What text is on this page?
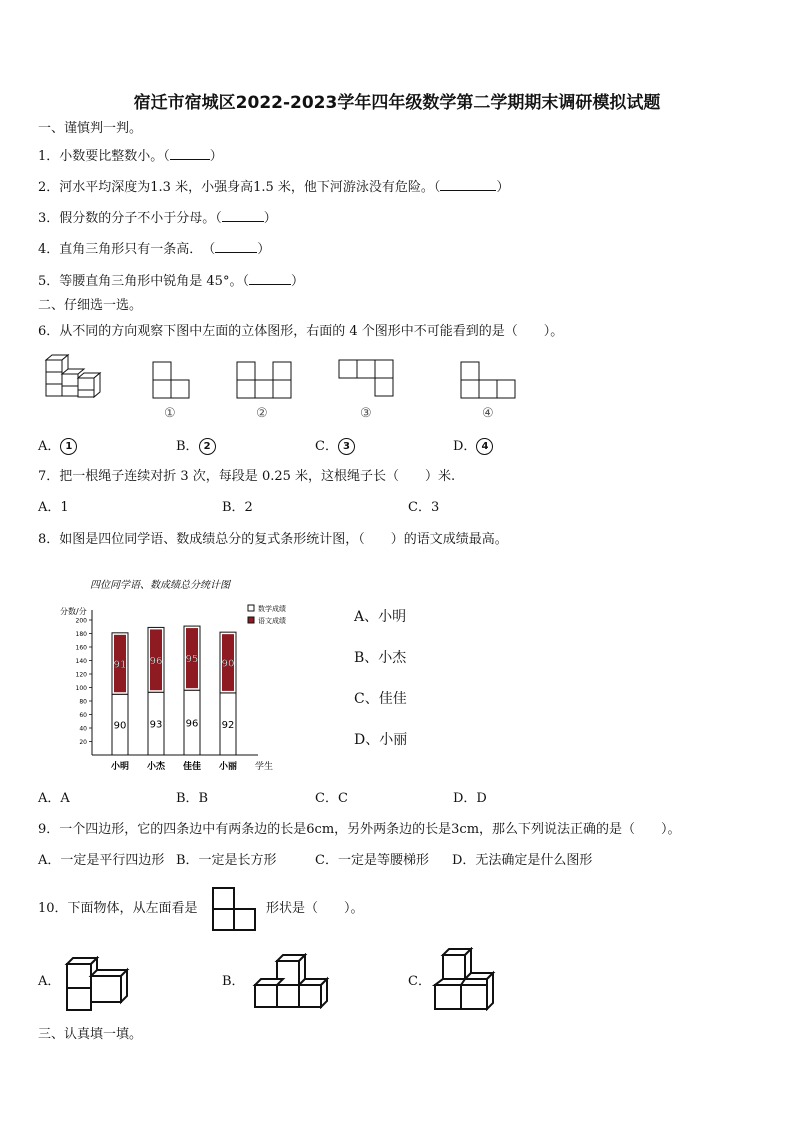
宿迁市宿城区2022-2023学年四年级数学第二学期期末调研模拟试题
一、谨慎判一判。
1．小数要比整数小。（	）
2．河水平均深度为1.3 米，小强身高1.5 米，他下河游泳没有危险。（	）
3．假分数的分子不小于分母。（	）
4．直角三角形只有一条高．　（	）
5．等腰直角三角形中锐角是 45°。（	）
二、仔细选一选。
6．从不同的方向观察下图中左面的立体图形，右面的 4 个图形中不可能看到的是（　　）。
①	②	③	④
A． 1	B． 2	C． 3	D． 4
7．把一根绳子连续对折 3 次，每段是 0.25 米，这根绳子长（　　）米.
A．1	B．2	C．3
8．如图是四位同学语、数成绩总分的复式条形统计图，（　　）的语文成绩最高。
四位同学语、数成绩总分统计图
分数/分
学生
数学成绩
语文成绩
20
40
60
80
100
120
140
160
180
200
90
91
小明
93
96
小杰
96
95
佳佳
92
90
小丽
A、小明
B、小杰
C、佳佳
D、小丽
A．A	B．B	C．C	D．D
9．一个四边形，它的四条边中有两条边的长是6cm，另外两条边的长是3cm，那么下列说法正确的是（　　）。
A．一定是平行四边形 B．一定是长方形	C．一定是等腰梯形 D．无法确定是什么图形
10．下面物体，从左面看是	形状是（　　）。
A．	B．	C．
三、认真填一填。
